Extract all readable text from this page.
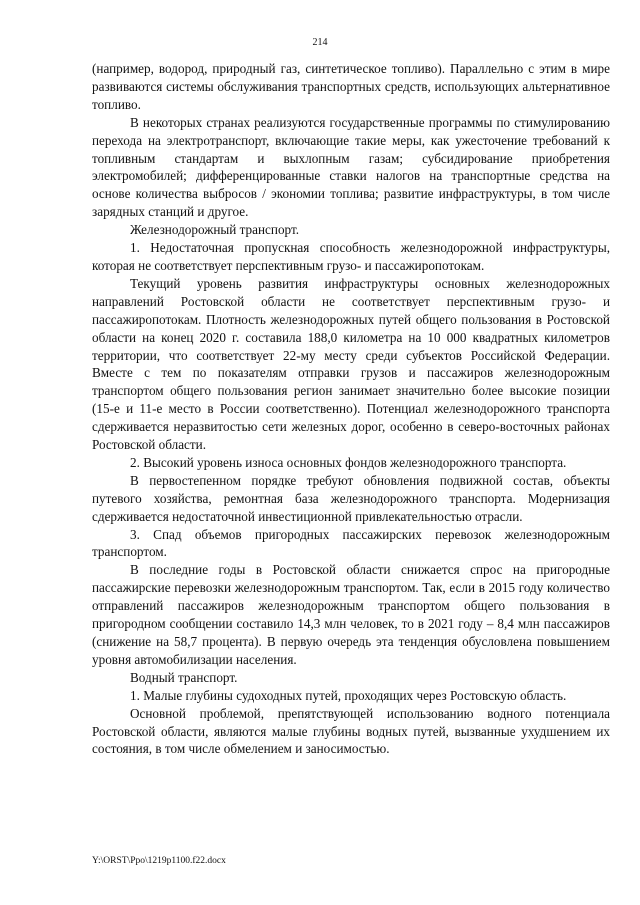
214

(например, водород, природный газ, синтетическое топливо). Параллельно с этим в мире развиваются системы обслуживания транспортных средств, использующих альтернативное топливо.

В некоторых странах реализуются государственные программы по стимулированию перехода на электротранспорт, включающие такие меры, как ужесточение требований к топливным стандартам и выхлопным газам; субсидирование приобретения электромобилей; дифференцированные ставки налогов на транспортные средства на основе количества выбросов / экономии топлива; развитие инфраструктуры, в том числе зарядных станций и другое.

Железнодорожный транспорт.

1. Недостаточная пропускная способность железнодорожной инфраструктуры, которая не соответствует перспективным грузо- и пассажиропотокам.

Текущий уровень развития инфраструктуры основных железнодорожных направлений Ростовской области не соответствует перспективным грузо- и пассажиропотокам. Плотность железнодорожных путей общего пользования в Ростовской области на конец 2020 г. составила 188,0 километра на 10 000 квадратных километров территории, что соответствует 22-му месту среди субъектов Российской Федерации. Вместе с тем по показателям отправки грузов и пассажиров железнодорожным транспортом общего пользования регион занимает значительно более высокие позиции (15-е и 11-е место в России соответственно). Потенциал железнодорожного транспорта сдерживается неразвитостью сети железных дорог, особенно в северо-восточных районах Ростовской области.

2. Высокий уровень износа основных фондов железнодорожного транспорта.

В первостепенном порядке требуют обновления подвижной состав, объекты путевого хозяйства, ремонтная база железнодорожного транспорта. Модернизация сдерживается недостаточной инвестиционной привлекательностью отрасли.

3. Спад объемов пригородных пассажирских перевозок железнодорожным транспортом.

В последние годы в Ростовской области снижается спрос на пригородные пассажирские перевозки железнодорожным транспортом. Так, если в 2015 году количество отправлений пассажиров железнодорожным транспортом общего пользования в пригородном сообщении составило 14,3 млн человек, то в 2021 году – 8,4 млн пассажиров (снижение на 58,7 процента). В первую очередь эта тенденция обусловлена повышением уровня автомобилизации населения.

Водный транспорт.

1. Малые глубины судоходных путей, проходящих через Ростовскую область.

Основной проблемой, препятствующей использованию водного потенциала Ростовской области, являются малые глубины водных путей, вызванные ухудшением их состояния, в том числе обмелением и заносимостью.

Y:\ORST\Ppo\1219p1100.f22.docx
